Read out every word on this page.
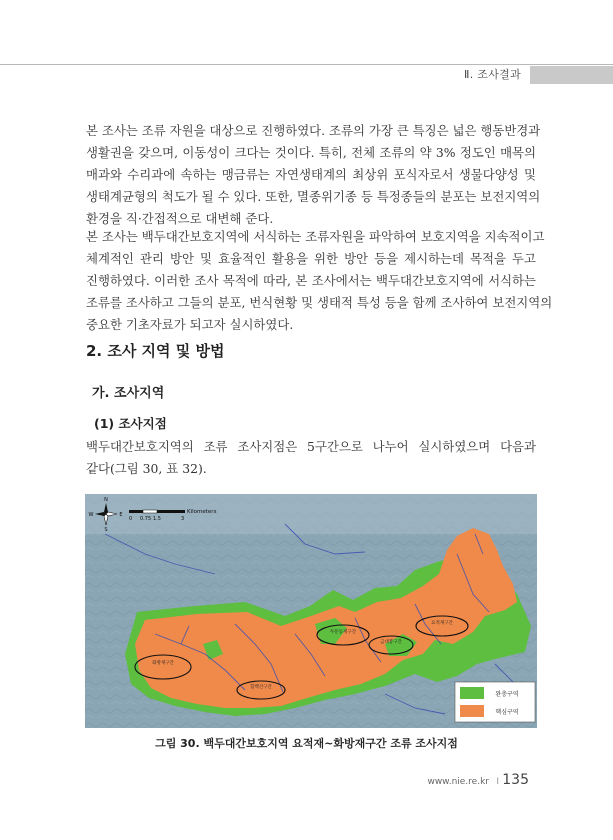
Ⅱ. 조사결과
본 조사는 조류 자원을 대상으로 진행하였다. 조류의 가장 큰 특징은 넓은 행동반경과
생활권을 갖으며, 이동성이 크다는 것이다. 특히, 전체 조류의 약 3% 정도인 매목의
매과와 수리과에 속하는 맹금류는 자연생태계의 최상위 포식자로서 생물다양성 및
생태계균형의 척도가 될 수 있다. 또한, 멸종위기종 등 특정종들의 분포는 보전지역의
환경을 직·간접적으로 대변해 준다.
본 조사는 백두대간보호지역에 서식하는 조류자원을 파악하여 보호지역을 지속적이고
체계적인 관리 방안 및 효율적인 활용을 위한 방안 등을 제시하는데 목적을 두고
진행하였다. 이러한 조사 목적에 따라, 본 조사에서는 백두대간보호지역에 서식하는
조류를 조사하고 그들의 분포, 번식현황 및 생태적 특성 등을 함께 조사하여 보전지역의
중요한 기초자료가 되고자 실시하였다.
2. 조사 지역 및 방법
가. 조사지역
(1) 조사지점
백두대간보호지역의 조류 조사지점은 5구간으로 나누어 실시하였으며 다음과
같다(그림 30, 표 32).
화방재구간
함백산구간
두문동재구간
금대봉구간
요적재구간
N
S
E
W
0 0.75 1.5	3
Kilometers
완충구역
핵심구역
그림 30. 백두대간보호지역 요적재~화방재구간 조류 조사지점
www.nie.re.kr I 135
